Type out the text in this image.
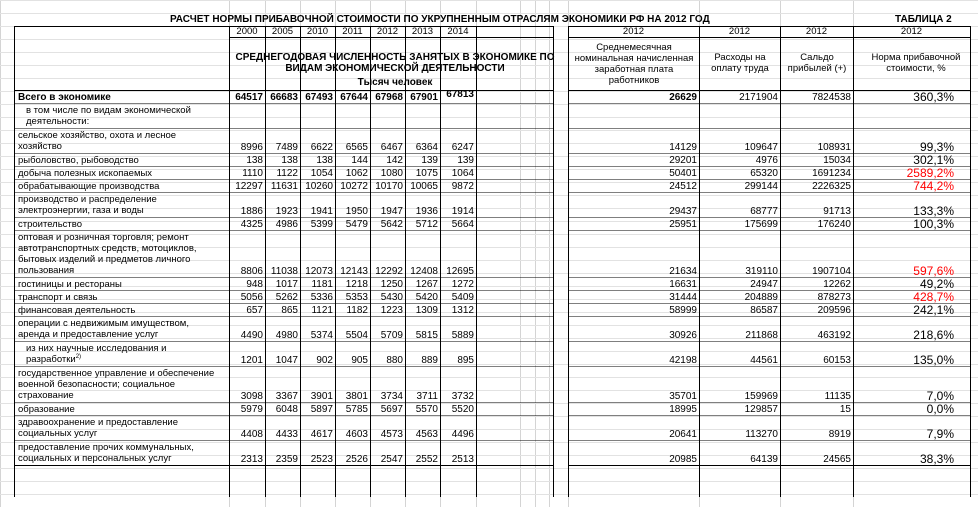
РАСЧЕТ НОРМЫ ПРИБАВОЧНОЙ СТОИМОСТИ ПО УКРУПНЕННЫМ ОТРАСЛЯМ ЭКОНОМИКИ РФ НА 2012 ГОД	ТАБЛИЦА 2
СРЕДНЕГОДОВАЯ ЧИСЛЕННОСТЬ ЗАНЯТЫХ В ЭКОНОМИКЕ ПО ВИДАМ ЭКОНОМИЧЕСКОЙ ДЕЯТЕЛЬНОСТИ
Тысяч человек
Среднемесячная номинальная начисленная заработная плата работников
Расходы на оплату труда
Сальдо прибылей (+)
Норма прибавочной стоимости, %
2000	2005	2010	2011	2012	2013	2014	2012	2012	2012	2012
Всего в экономике	64517 66683 67493 67644 67968 67901 67813	26629	2171904	7824538	360,3%
в том числе по видам экономической
деятельности:
сельское хозяйство, охота и лесное
хозяйство	8996	7489	6622	6565	6467	6364	6247	14129	109647	108931	99,3%
рыболовство, рыбоводство	138	138	138	144	142	139	139	29201	4976	15034	302,1%
добыча полезных ископаемых	1110	1122	1054	1062	1080	1075	1064	50401	65320	1691234	2589,2%
обрабатывающие производства	12297 11631 10260 10272 10170 10065	9872	24512	299144	2226325	744,2%
производство и распределение
электроэнергии, газа и воды	1886	1923	1941	1950	1947	1936	1914	29437	68777	91713	133,3%
строительство	4325	4986	5399	5479	5642	5712	5664	25951	175699	176240	100,3%
оптовая и розничная торговля; ремонт
автотранспортных средств, мотоциклов,
бытовых изделий и предметов личного
пользования	8806 11038 12073 12143 12292 12408 12695	21634	319110	1907104	597,6%
гостиницы и рестораны	948	1017	1181	1218	1250	1267	1272	16631	24947	12262	49,2%
транспорт и связь	5056	5262	5336	5353	5430	5420	5409	31444	204889	878273	428,7%
финансовая деятельность	657	865	1121	1182	1223	1309	1312	58999	86587	209596	242,1%
операции с недвижимым имуществом,
аренда и предоставление услуг	4490	4980	5374	5504	5709	5815	5889	30926	211868	463192	218,6%
из них научные исследования и
разработки$^{2)}$	1201	1047	902	905	880	889	895	42198	44561	60153	135,0%
государственное управление и обеспечение
военной безопасности; социальное
страхование	3098	3367	3901	3801	3734	3711	3732	35701	159969	11135	7,0%
образование	5979	6048	5897	5785	5697	5570	5520	18995	129857	15	0,0%
здравоохранение и предоставление
социальных услуг	4408	4433	4617	4603	4573	4563	4496	20641	113270	8919	7,9%
предоставление прочих коммунальных,
социальных и персональных услуг	2313	2359	2523	2526	2547	2552	2513	20985	64139	24565	38,3%
